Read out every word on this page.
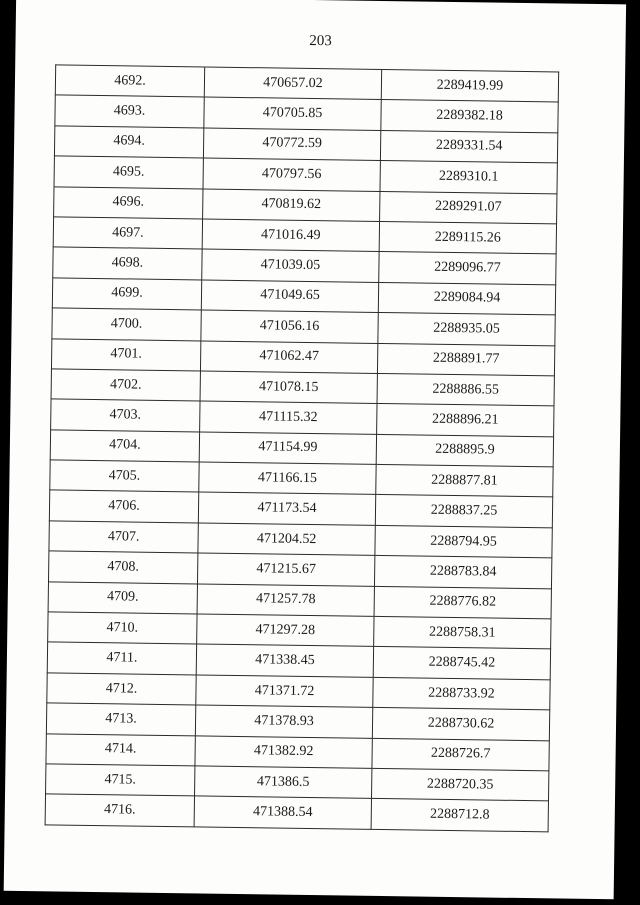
203
4692.	470657.02	2289419.99
4693.	470705.85	2289382.18
4694.	470772.59	2289331.54
4695.	470797.56	2289310.1
4696.	470819.62	2289291.07
4697.	471016.49	2289115.26
4698.	471039.05	2289096.77
4699.	471049.65	2289084.94
4700.	471056.16	2288935.05
4701.	471062.47	2288891.77
4702.	471078.15	2288886.55
4703.	471115.32	2288896.21
4704.	471154.99	2288895.9
4705.	471166.15	2288877.81
4706.	471173.54	2288837.25
4707.	471204.52	2288794.95
4708.	471215.67	2288783.84
4709.	471257.78	2288776.82
4710.	471297.28	2288758.31
4711.	471338.45	2288745.42
4712.	471371.72	2288733.92
4713.	471378.93	2288730.62
4714.	471382.92	2288726.7
4715.	471386.5	2288720.35
4716.	471388.54	2288712.8
